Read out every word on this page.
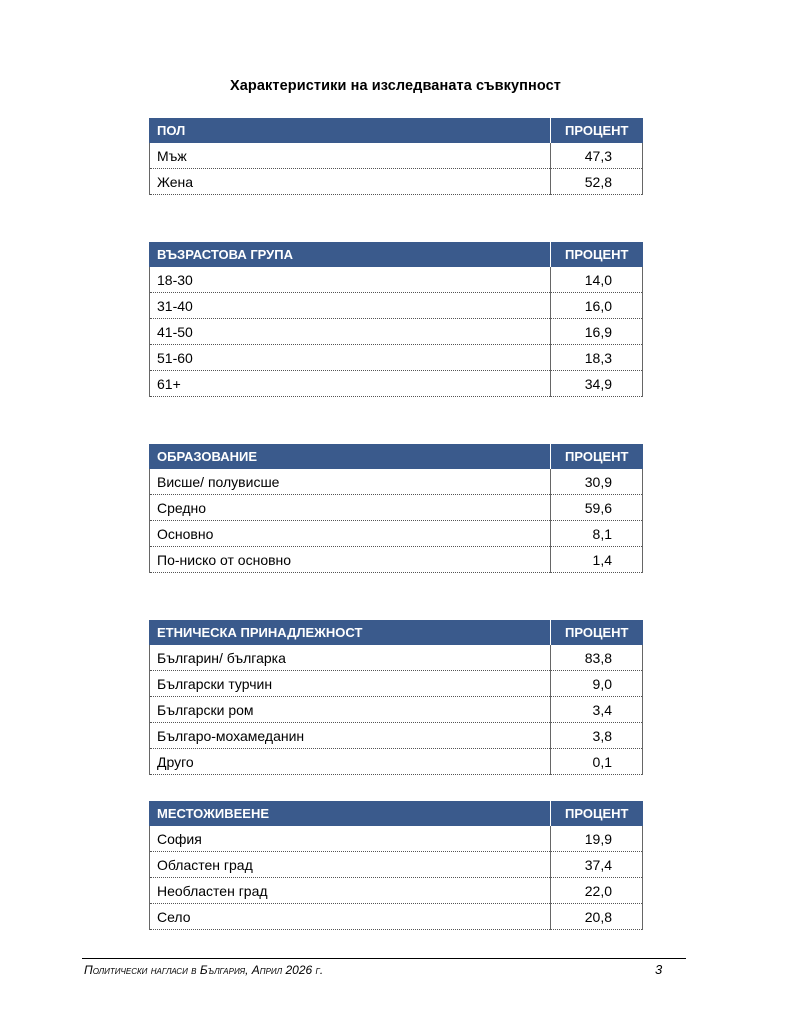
Характеристики на изследваната съвкупност
ПОЛ	ПРОЦЕНТ
Мъж	47,3
Жена	52,8
ВЪЗРАСТОВА ГРУПА	ПРОЦЕНТ
18-30	14,0
31-40	16,0
41-50	16,9
51-60	18,3
61+	34,9
ОБРАЗОВАНИЕ	ПРОЦЕНТ
Висше/ полувисше	30,9
Средно	59,6
Основно	8,1
По-ниско от основно	1,4
ЕТНИЧЕСКА ПРИНАДЛЕЖНОСТ	ПРОЦЕНТ
Българин/ българка	83,8
Български турчин	9,0
Български ром	3,4
Българо-мохамеданин	3,8
Друго	0,1
МЕСТОЖИВЕЕНЕ	ПРОЦЕНТ
София	19,9
Областен град	37,4
Необластен град	22,0
Село	20,8
Политически нагласи в България, Април 2026 г.	3
